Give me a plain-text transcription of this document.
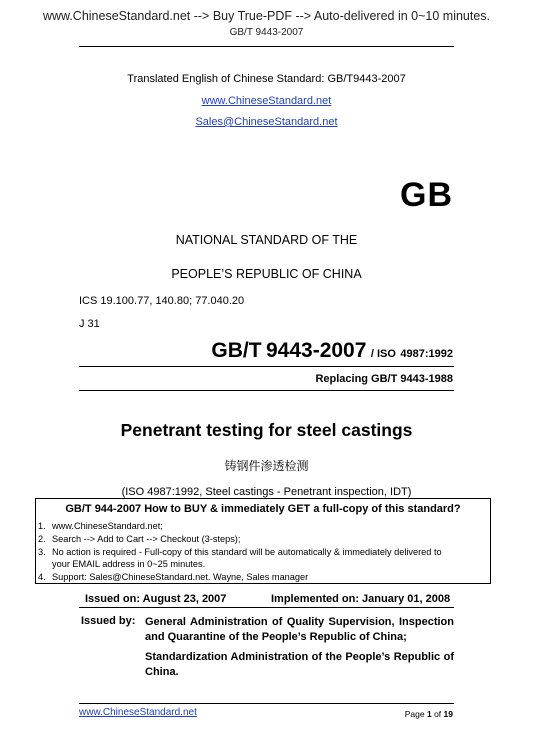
www.ChineseStandard.net --> Buy True-PDF --> Auto-delivered in 0~10 minutes.
GB/T 9443-2007
Translated English of Chinese Standard: GB/T9443-2007
www.ChineseStandard.net
Sales@ChineseStandard.net
GB
NATIONAL STANDARD OF THE
PEOPLE’S REPUBLIC OF CHINA
ICS 19.100.77, 140.80; 77.040.20
J 31
GB/T 9443-2007 / ISO 4987:1992
Replacing GB/T 9443-1988
Penetrant testing for steel castings
铸钢件渗透检测
(ISO 4987:1992, Steel castings - Penetrant inspection, IDT)
GB/T 944-2007 How to BUY & immediately GET a full-copy of this standard?
1. www.ChineseStandard.net;
2. Search --> Add to Cart --> Checkout (3-steps);
3. No action is required - Full-copy of this standard will be automatically & immediately delivered to
your EMAIL address in 0~25 minutes.
4. Support: Sales@ChineseStandard.net. Wayne, Sales manager
Issued on: August 23, 2007	Implemented on: January 01, 2008
Issued by: General Administration of Quality Supervision, Inspection and Quarantine of the People’s Republic of China;
Standardization Administration of the People’s Republic of China.
www.ChineseStandard.net	Page 1 of 19
